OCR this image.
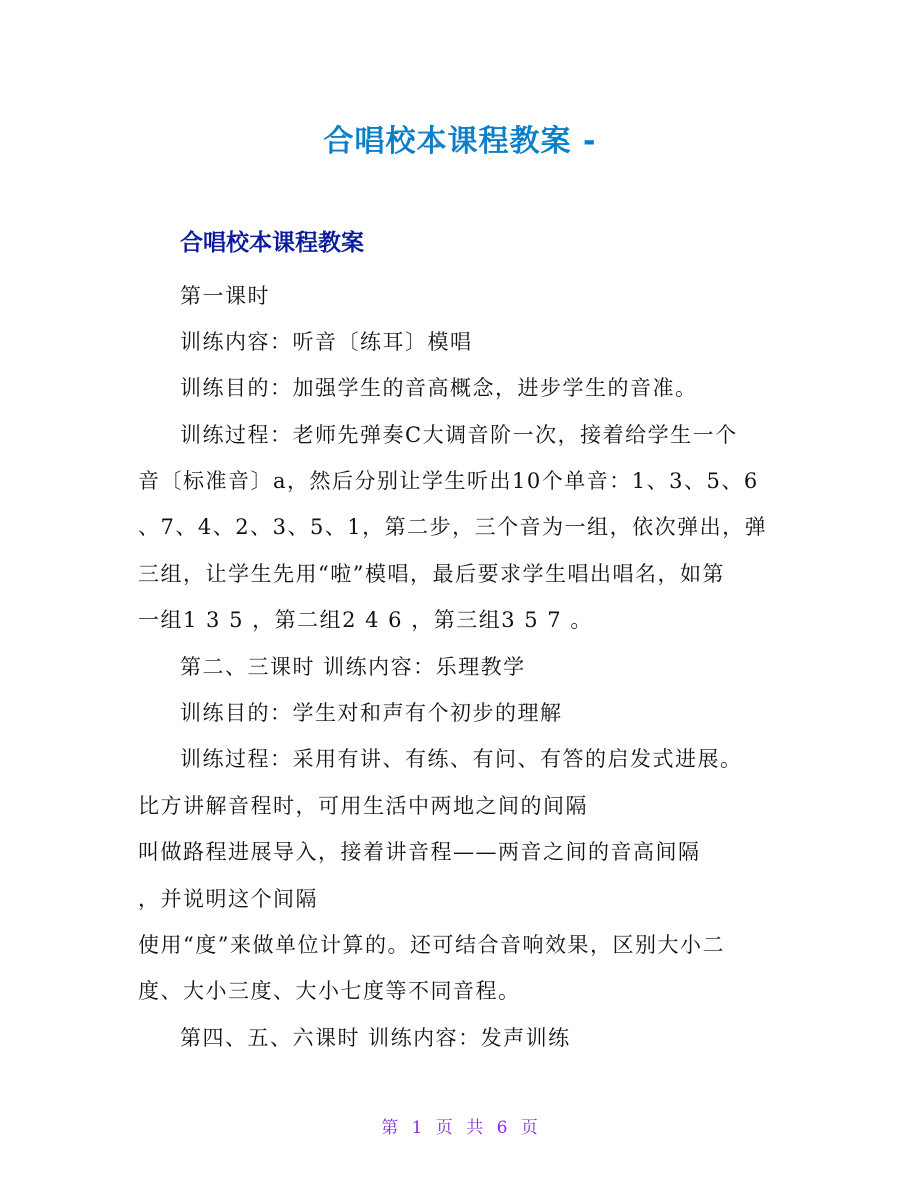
合唱校本课程教案 -
合唱校本课程教案
第一课时
训练内容：听音〔练耳〕模唱
训练目的：加强学生的音高概念，进步学生的音准。
训练过程：老师先弹奏C大调音阶一次，接着给学生一个
音〔标准音〕a，然后分别让学生听出10个单音：1、3、5、6
、7、4、2、3、5、1，第二步，三个音为一组，依次弹出，弹
三组，让学生先用“啦”模唱，最后要求学生唱出唱名，如第
一组1 3 5 ，第二组2 4 6 ，第三组3 5 7 。
第二、三课时 训练内容：乐理教学
训练目的：学生对和声有个初步的理解
训练过程：采用有讲、有练、有问、有答的启发式进展。
比方讲解音程时，可用生活中两地之间的间隔
叫做路程进展导入，接着讲音程——两音之间的音高间隔
，并说明这个间隔
使用“度”来做单位计算的。还可结合音响效果，区别大小二
度、大小三度、大小七度等不同音程。
第四、五、六课时 训练内容：发声训练
第 1 页 共 6 页
